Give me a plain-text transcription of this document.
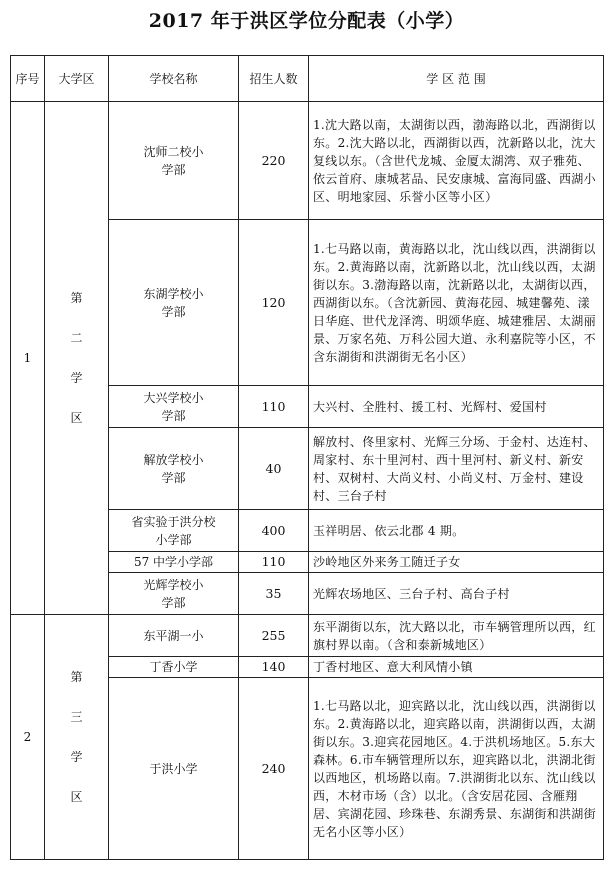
2017 年于洪区学位分配表（小学）
序号	大学区	学校名称	招生人数	学 区 范 围
1	第
二
学
区	沈师二校小学部	220	1.沈大路以南，太湖街以西，渤海路以北，西湖街以东。2.沈大路以北，西湖街以西，沈新路以北，沈大复线以东。（含世代龙城、金厦太湖湾、双子雅苑、依云首府、康城茗品、民安康城、富海同盛、西湖小区、明地家园、乐誉小区等小区）
		东湖学校小学部	120	1.七马路以南，黄海路以北，沈山线以西，洪湖街以东。2.黄海路以南，沈新路以北，沈山线以西，太湖街以东。3.渤海路以南，沈新路以北，太湖街以西，西湖街以东。（含沈新园、黄海花园、城建馨苑、漾日华庭、世代龙泽湾、明颂华庭、城建雅居、太湖丽景、万家名苑、万科公园大道、永利嘉院等小区，不含东湖街和洪湖街无名小区）
		大兴学校小学部	110	大兴村、全胜村、援工村、光辉村、爱国村
		解放学校小学部	40	解放村、佟里家村、光辉三分场、于金村、达连村、周家村、东十里河村、西十里河村、新义村、新安村、双树村、大尚义村、小尚义村、万金村、建设村、三台子村
		省实验于洪分校小学部	400	玉祥明居、依云北郡 4 期。
		57 中学小学部	110	沙岭地区外来务工随迁子女
		光辉学校小学部	35	光辉农场地区、三台子村、高台子村
2	第
三
学
区	东平湖一小	255	东平湖街以东，沈大路以北，市车辆管理所以西，红旗村界以南。（含和泰新城地区）
		丁香小学	140	丁香村地区、意大利风情小镇
		于洪小学	240	1.七马路以北，迎宾路以北，沈山线以西，洪湖街以东。2.黄海路以北，迎宾路以南，洪湖街以西，太湖街以东。3.迎宾花园地区。4.于洪机场地区。5.东大森林。6.市车辆管理所以东，迎宾路以北，洪湖北街以西地区，机场路以南。7.洪湖街北以东、沈山线以西，木材市场（含）以北。（含安居花园、含雁翔居、宾湖花园、珍珠巷、东湖秀景、东湖街和洪湖街无名小区等小区）
